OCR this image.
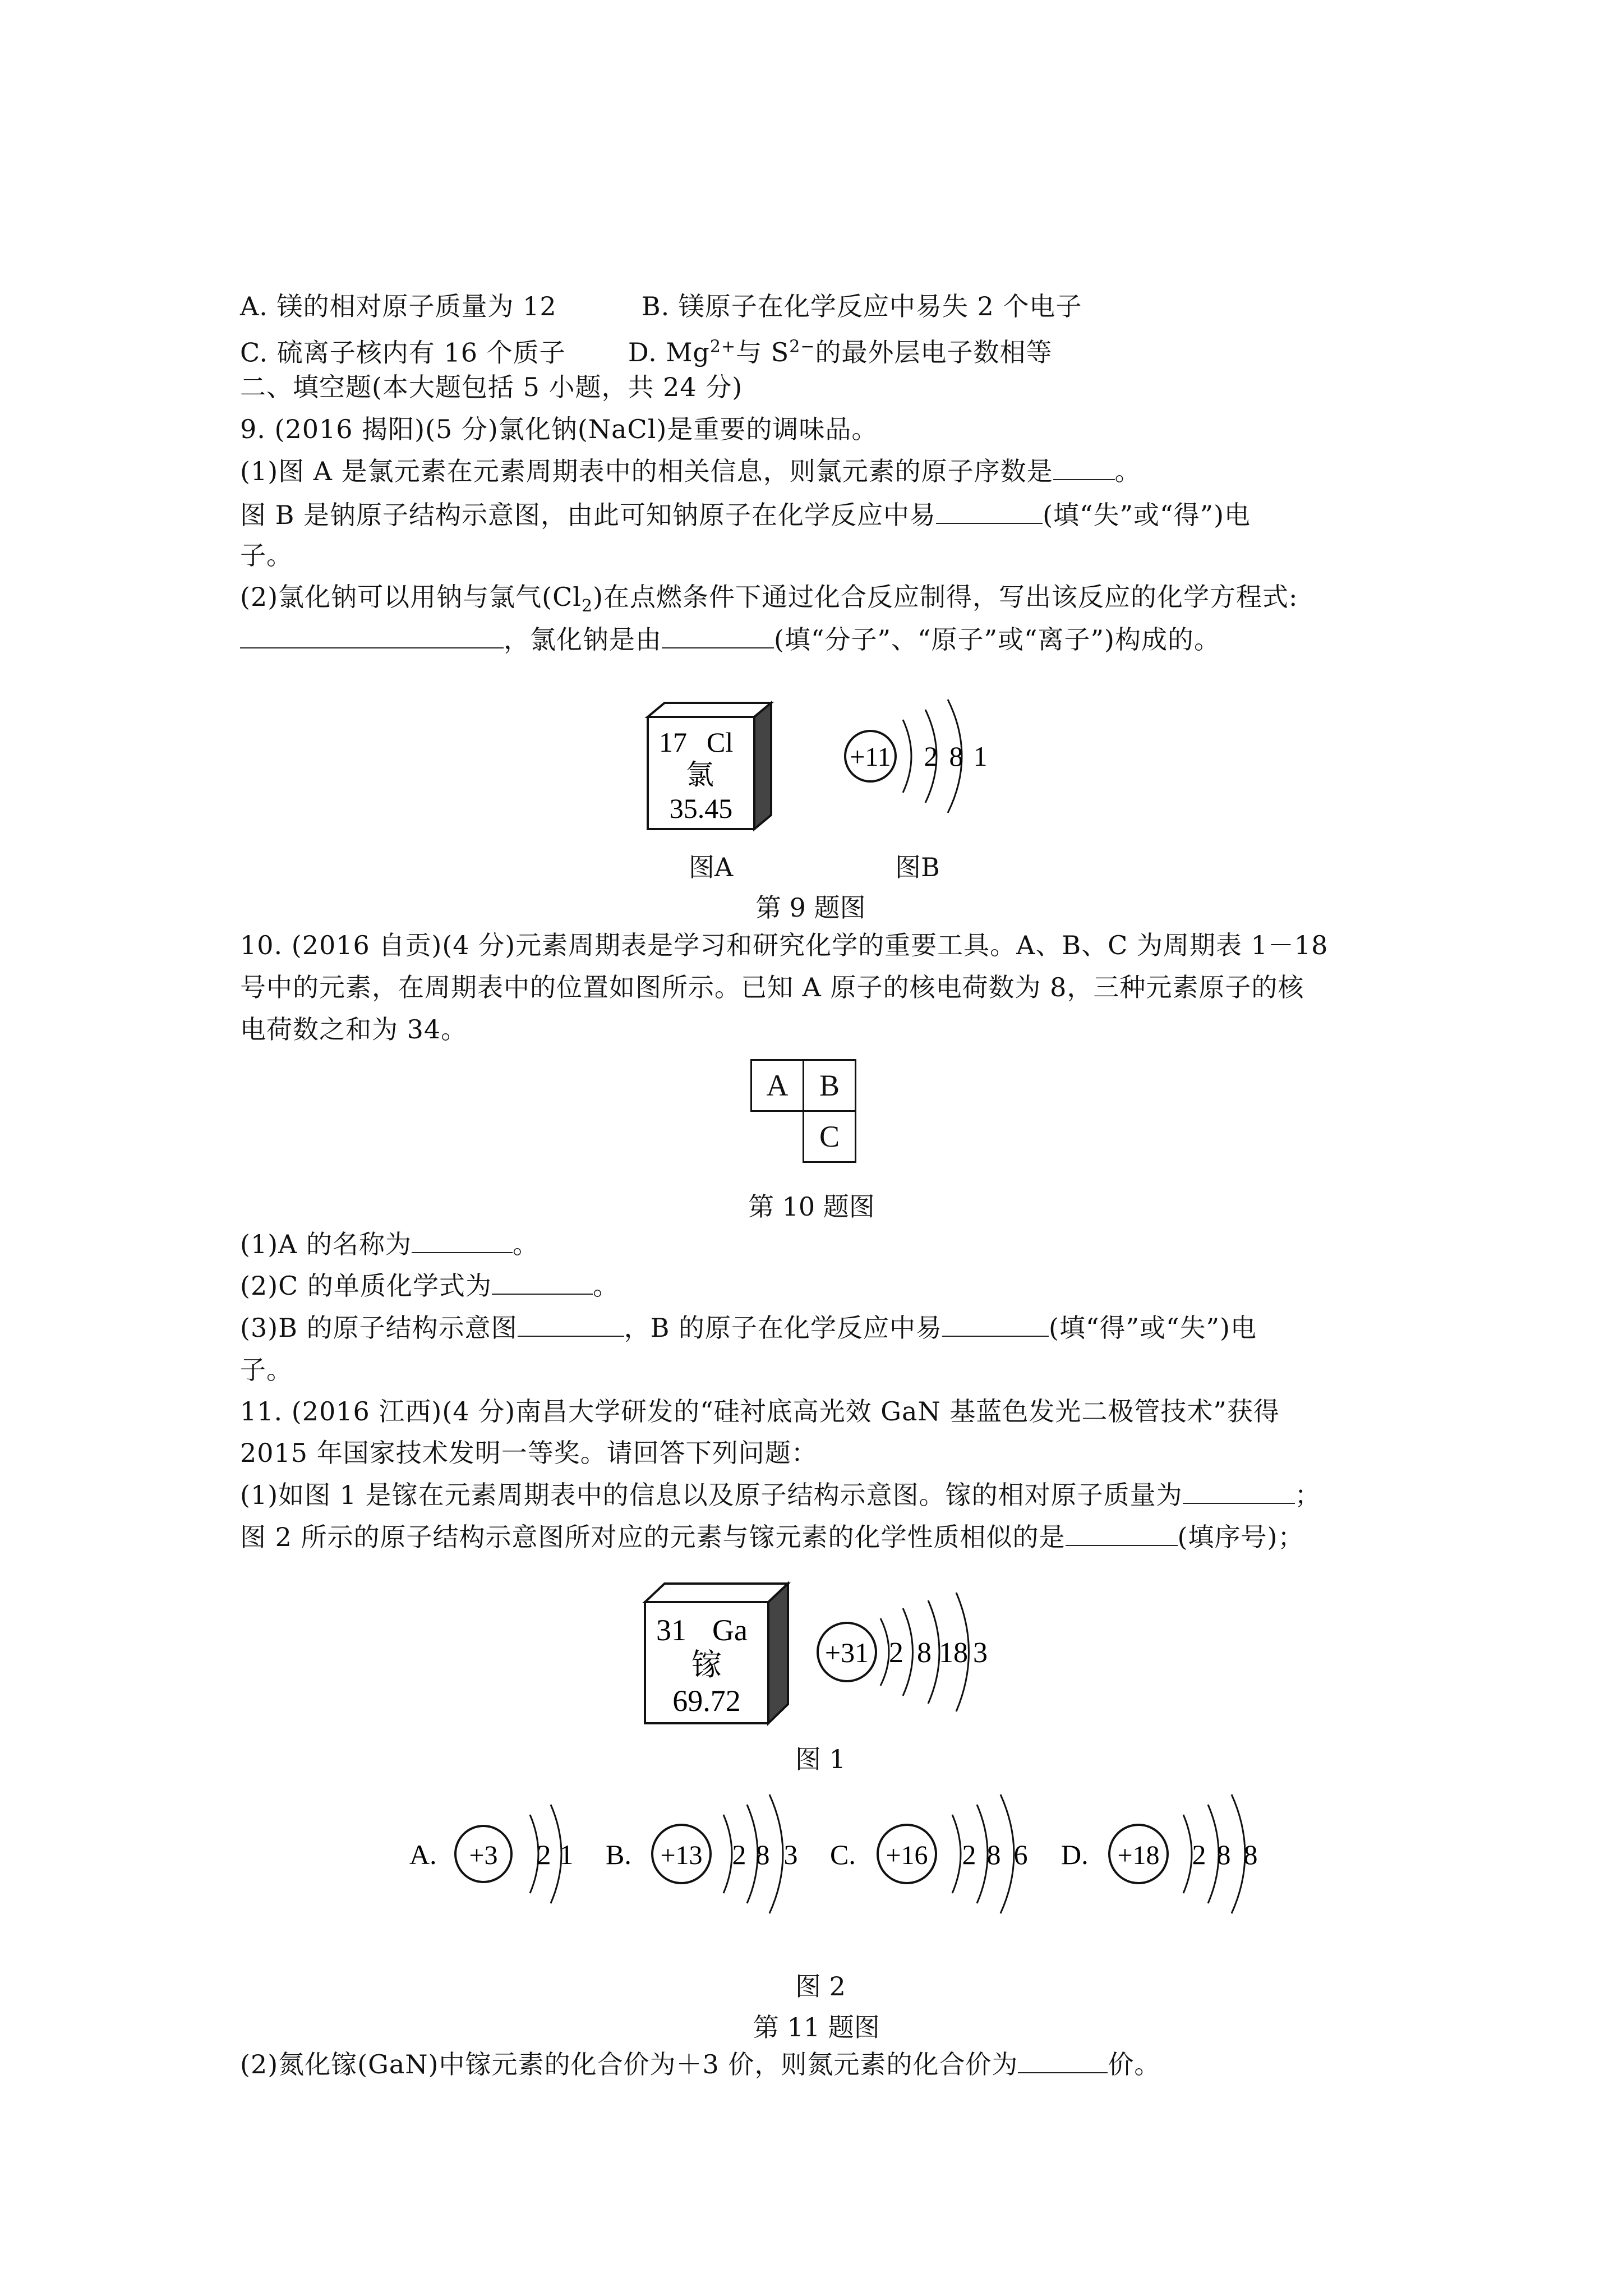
A. 镁的相对原子质量为 12	B. 镁原子在化学反应中易失 2 个电子
C. 硫离子核内有 16 个质子 D. $Mg^{2+}$与 $S^{2-}$的最外层电子数相等
二、填空题(本大题包括 5 小题，共 24 分)
9. (2016 揭阳)(5 分)氯化钠(NaCl)是重要的调味品。
(1)图 A 是氯元素在元素周期表中的相关信息，则氯元素的原子序数是 。
图 B 是钠原子结构示意图，由此可知钠原子在化学反应中易	(填“失”或“得”)电
子。
(2)氯化钠可以用钠与氯气$(Cl_2)$在点燃条件下通过化合反应制得，写出该反应的化学方程式:
，氯化钠是由	(填“分子”、“原子”或“离子”)构成的。
17 Cl
氯
35.45
+11 2 8 1
图A	图B
第 9 题图
10. (2016 自贡)(4 分)元素周期表是学习和研究化学的重要工具。A、B、C 为周期表 1－18
号中的元素，在周期表中的位置如图所示。已知 A 原子的核电荷数为 8，三种元素原子的核
电荷数之和为 34。
A	B
	C
第 10 题图
(1)A 的名称为	。
(2)C 的单质化学式为	。
(3)B 的原子结构示意图	，B 的原子在化学反应中易	(填“得”或“失”)电
子。
11. (2016 江西)(4 分)南昌大学研发的“硅衬底高光效 GaN 基蓝色发光二极管技术”获得
2015 年国家技术发明一等奖。请回答下列问题：
(1)如图 1 是镓在元素周期表中的信息以及原子结构示意图。镓的相对原子质量为	；
图 2 所示的原子结构示意图所对应的元素与镓元素的化学性质相似的是	(填序号)；
31 Ga
镓
69.72
+31 2 8 18 3
图 1
A. +3 2 1 B. +13 2 8 3 C. +16 2 8 6 D. +18 2 8 8
图 2
第 11 题图
(2)氮化镓(GaN)中镓元素的化合价为＋3 价，则氮元素的化合价为	价。
